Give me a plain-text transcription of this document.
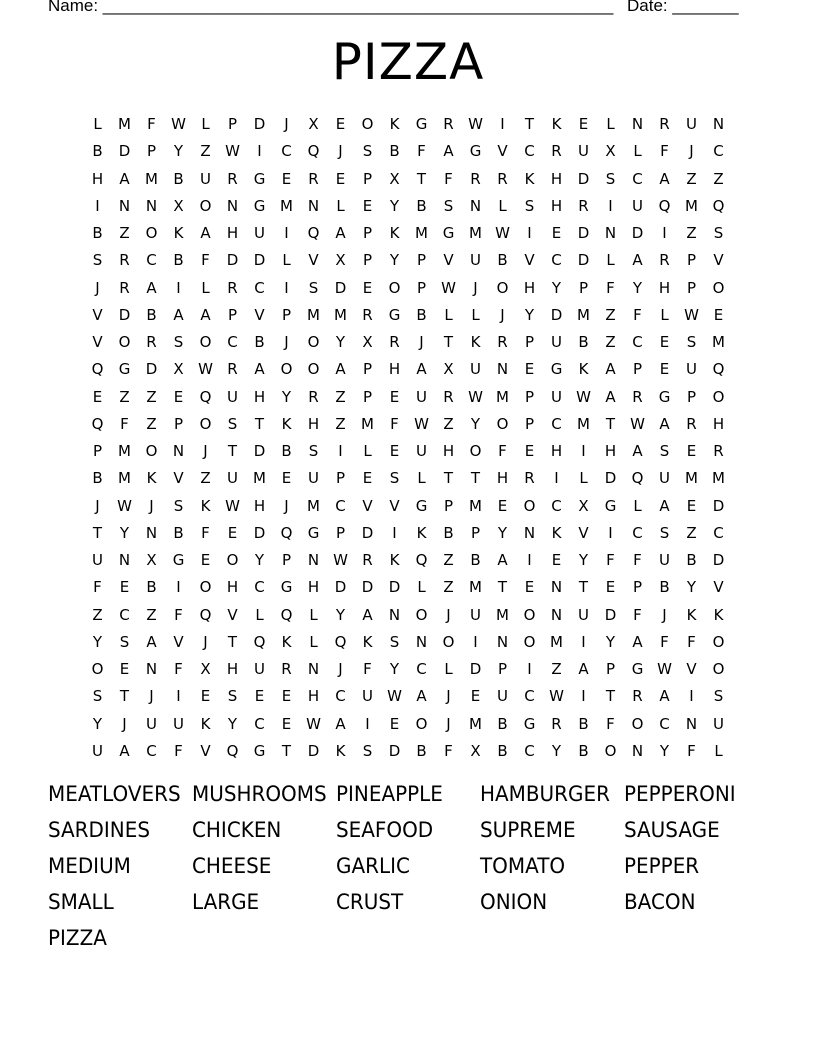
Name: ______________________________________________________ Date: _______
PIZZA
L	M	F	W	L	P	D	J	X	E	O	K	G	R W	I	T	K	E	L	N	R	U	N
B	D	P	Y	Z W	I	C	Q	J	S	B	F	A	G	V	C	R	U	X	L	F	J	C
H	A	M	B	U	R	G	E	R	E	P	X	T	F	R	R	K	H	D	S	C	A	Z	Z
I	N	N	X	O	N	G M N	L	E	Y	B	S	N	L	S	H	R	I	U	Q M Q
B	Z	O	K	A	H	U	I	Q	A	P	K	M G M W	I	E	D	N	D	I	Z	S
S	R	C	B	F	D	D	L	V	X	P	Y	P	V	U	B	V	C	D	L	A	R	P	V
J	R	A	I	L	R	C	I	S	D	E	O	P	W	J	O	H	Y	P	F	Y	H	P	O
V	D	B	A	A	P	V	P	M M	R	G	B	L	L	J	Y	D M	Z	F	L	W E
V	O	R	S	O	C	B	J	O	Y	X	R	J	T	K	R	P	U	B	Z	C	E	S	M
Q	G	D	X W R	A	O	O	A	P	H	A	X	U	N	E	G	K	A	P	E	U	Q
E	Z	Z	E	Q	U	H	Y	R	Z	P	E	U	R W M	P	U W A	R	G	P	O
Q	F	Z	P	O	S	T	K	H	Z	M	F	W Z	Y	O	P	C	M	T	W A	R	H
P	M O	N	J	T	D	B	S	I	L	E	U	H	O	F	E	H	I	H	A	S	E	R
B	M	K	V	Z	U	M	E	U	P	E	S	L	T	T	H	R	I	L	D	Q	U	M M
J	W	J	S	K W H	J	M	C	V	V	G	P	M	E	O	C	X	G	L	A	E	D
T	Y	N	B	F	E	D	Q	G	P	D	I	K	B	P	Y	N	K	V	I	C	S	Z	C
U	N	X	G	E	O	Y	P	N W R	K	Q	Z	B	A	I	E	Y	F	F	U	B	D
F	E	B	I	O	H	C	G	H	D	D	D	L	Z	M	T	E	N	T	E	P	B	Y	V
Z	C	Z	F	Q	V	L	Q	L	Y	A	N	O	J	U	M O	N	U	D	F	J	K	K
Y	S	A	V	J	T	Q	K	L	Q	K	S	N	O	I	N	O M	I	Y	A	F	F	O
O	E	N	F	X	H	U	R	N	J	F	Y	C	L	D	P	I	Z	A	P	G W V	O
S	T	J	I	E	S	E	E	H	C	U W A	J	E	U	C W	I	T	R	A	I	S
Y	J	U	U	K	Y	C	E W A	I	E	O	J	M	B	G	R	B	F	O	C	N	U
U	A	C	F	V	Q	G	T	D	K	S	D	B	F	X	B	C	Y	B	O	N	Y	F	L
MEATLOVERS MUSHROOMS PINEAPPLE	HAMBURGER PEPPERONI
SARDINES	CHICKEN	SEAFOOD	SUPREME	SAUSAGE
MEDIUM	CHEESE	GARLIC	TOMATO	PEPPER
SMALL	LARGE	CRUST	ONION	BACON
PIZZA
